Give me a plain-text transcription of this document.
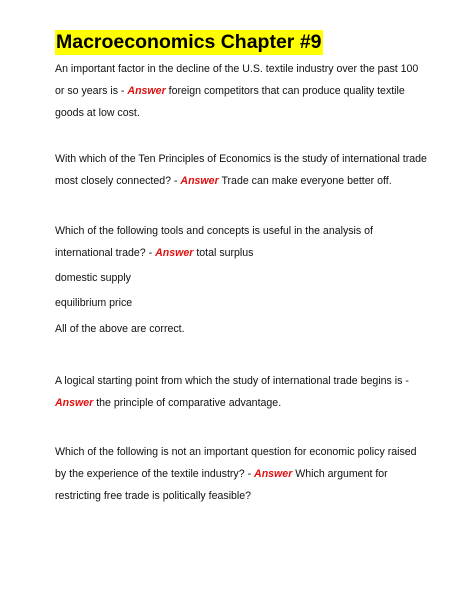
Macroeconomics Chapter #9

An important factor in the decline of the U.S. textile industry over the past 100 or so years is - Answer foreign competitors that can produce quality textile goods at low cost.

With which of the Ten Principles of Economics is the study of international trade most closely connected? - Answer Trade can make everyone better off.

Which of the following tools and concepts is useful in the analysis of international trade? - Answer total surplus

domestic supply

equilibrium price

All of the above are correct.

A logical starting point from which the study of international trade begins is - Answer the principle of comparative advantage.

Which of the following is not an important question for economic policy raised by the experience of the textile industry? - Answer Which argument for restricting free trade is politically feasible?
